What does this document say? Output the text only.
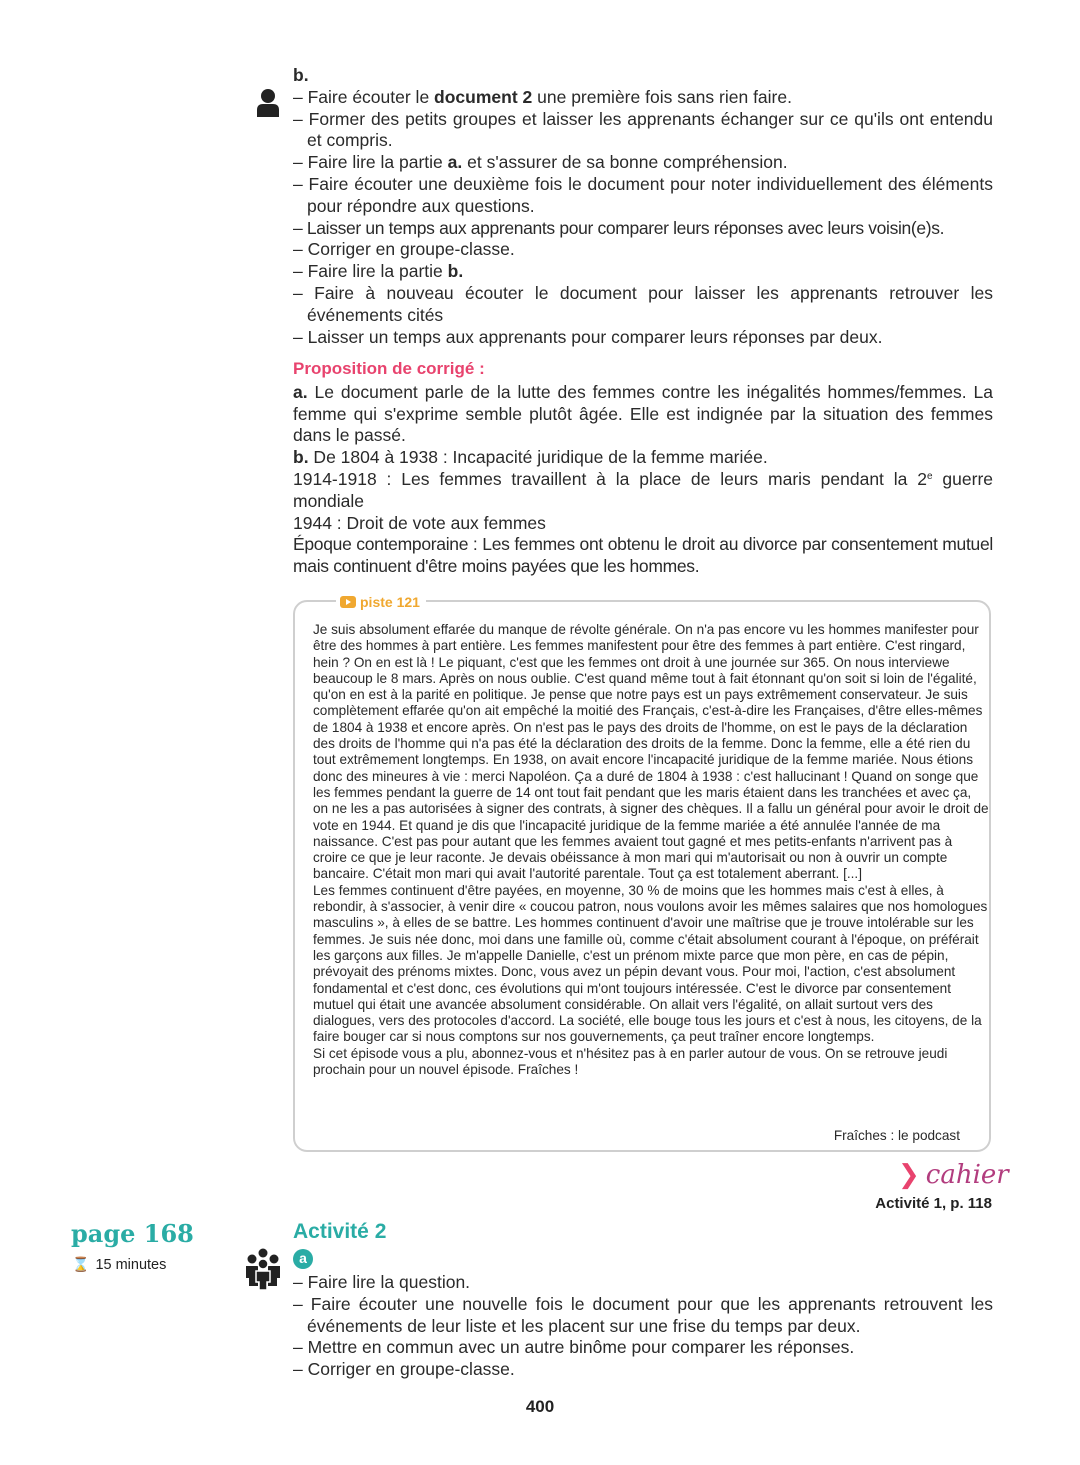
b.
– Faire écouter le document 2 une première fois sans rien faire.
– Former des petits groupes et laisser les apprenants échanger sur ce qu'ils ont entendu et compris.
– Faire lire la partie a. et s'assurer de sa bonne compréhension.
– Faire écouter une deuxième fois le document pour noter individuellement des éléments pour répondre aux questions.
– Laisser un temps aux apprenants pour comparer leurs réponses avec leurs voisin(e)s.
– Corriger en groupe-classe.
– Faire lire la partie b.
– Faire à nouveau écouter le document pour laisser les apprenants retrouver les événements cités
– Laisser un temps aux apprenants pour comparer leurs réponses par deux.
Proposition de corrigé :
a. Le document parle de la lutte des femmes contre les inégalités hommes/femmes. La femme qui s'exprime semble plutôt âgée. Elle est indignée par la situation des femmes dans le passé.
b. De 1804 à 1938 : Incapacité juridique de la femme mariée.
1914-1918 : Les femmes travaillent à la place de leurs maris pendant la 2e guerre mondiale
1944 : Droit de vote aux femmes
Époque contemporaine : Les femmes ont obtenu le droit au divorce par consentement mutuel mais continuent d'être moins payées que les hommes.
piste 121
Je suis absolument effarée du manque de révolte générale. On n'a pas encore vu les hommes manifester pour être des hommes à part entière. Les femmes manifestent pour être des femmes à part entière. C'est ringard, hein ? On en est là ! Le piquant, c'est que les femmes ont droit à une journée sur 365. On nous interviewe beaucoup le 8 mars. Après on nous oublie. C'est quand même tout à fait étonnant qu'on soit si loin de l'égalité, qu'on en est à la parité en politique. Je pense que notre pays est un pays extrêmement conservateur. Je suis complètement effarée qu'on ait empêché la moitié des Français, c'est-à-dire les Françaises, d'être elles-mêmes de 1804 à 1938 et encore après. On n'est pas le pays des droits de l'homme, on est le pays de la déclaration des droits de l'homme qui n'a pas été la déclaration des droits de la femme. Donc la femme, elle a été rien du tout extrêmement longtemps. En 1938, on avait encore l'incapacité juridique de la femme mariée. Nous étions donc des mineures à vie : merci Napoléon. Ça a duré de 1804 à 1938 : c'est hallucinant ! Quand on songe que les femmes pendant la guerre de 14 ont tout fait pendant que les maris étaient dans les tranchées et avec ça, on ne les a pas autorisées à signer des contrats, à signer des chèques. Il a fallu un général pour avoir le droit de vote en 1944. Et quand je dis que l'incapacité juridique de la femme mariée a été annulée l'année de ma naissance. C'est pas pour autant que les femmes avaient tout gagné et mes petits-enfants n'arrivent pas à croire ce que je leur raconte. Je devais obéissance à mon mari qui m'autorisait ou non à ouvrir un compte bancaire. C'était mon mari qui avait l'autorité parentale. Tout ça est totalement aberrant. [...]
Les femmes continuent d'être payées, en moyenne, 30 % de moins que les hommes mais c'est à elles, à rebondir, à s'associer, à venir dire « coucou patron, nous voulons avoir les mêmes salaires que nos homologues masculins », à elles de se battre. Les hommes continuent d'avoir une maîtrise que je trouve intolérable sur les femmes. Je suis née donc, moi dans une famille où, comme c'était absolument courant à l'époque, on préférait les garçons aux filles. Je m'appelle Danielle, c'est un prénom mixte parce que mon père, en cas de pépin, prévoyait des prénoms mixtes. Donc, vous avez un pépin devant vous. Pour moi, l'action, c'est absolument fondamental et c'est donc, ces évolutions qui m'ont toujours intéressée. C'est le divorce par consentement mutuel qui était une avancée absolument considérable. On allait vers l'égalité, on allait surtout vers des dialogues, vers des protocoles d'accord. La société, elle bouge tous les jours et c'est à nous, les citoyens, de la faire bouger car si nous comptons sur nos gouvernements, ça peut traîner encore longtemps.
Si cet épisode vous a plu, abonnez-vous et n'hésitez pas à en parler autour de vous. On se retrouve jeudi prochain pour un nouvel épisode. Fraîches !
Fraîches : le podcast
❯ cahier
Activité 1, p. 118
page 168
⌛ 15 minutes
Activité 2
a
– Faire lire la question.
– Faire écouter une nouvelle fois le document pour que les apprenants retrouvent les événements de leur liste et les placent sur une frise du temps par deux.
– Mettre en commun avec un autre binôme pour comparer les réponses.
– Corriger en groupe-classe.
400
